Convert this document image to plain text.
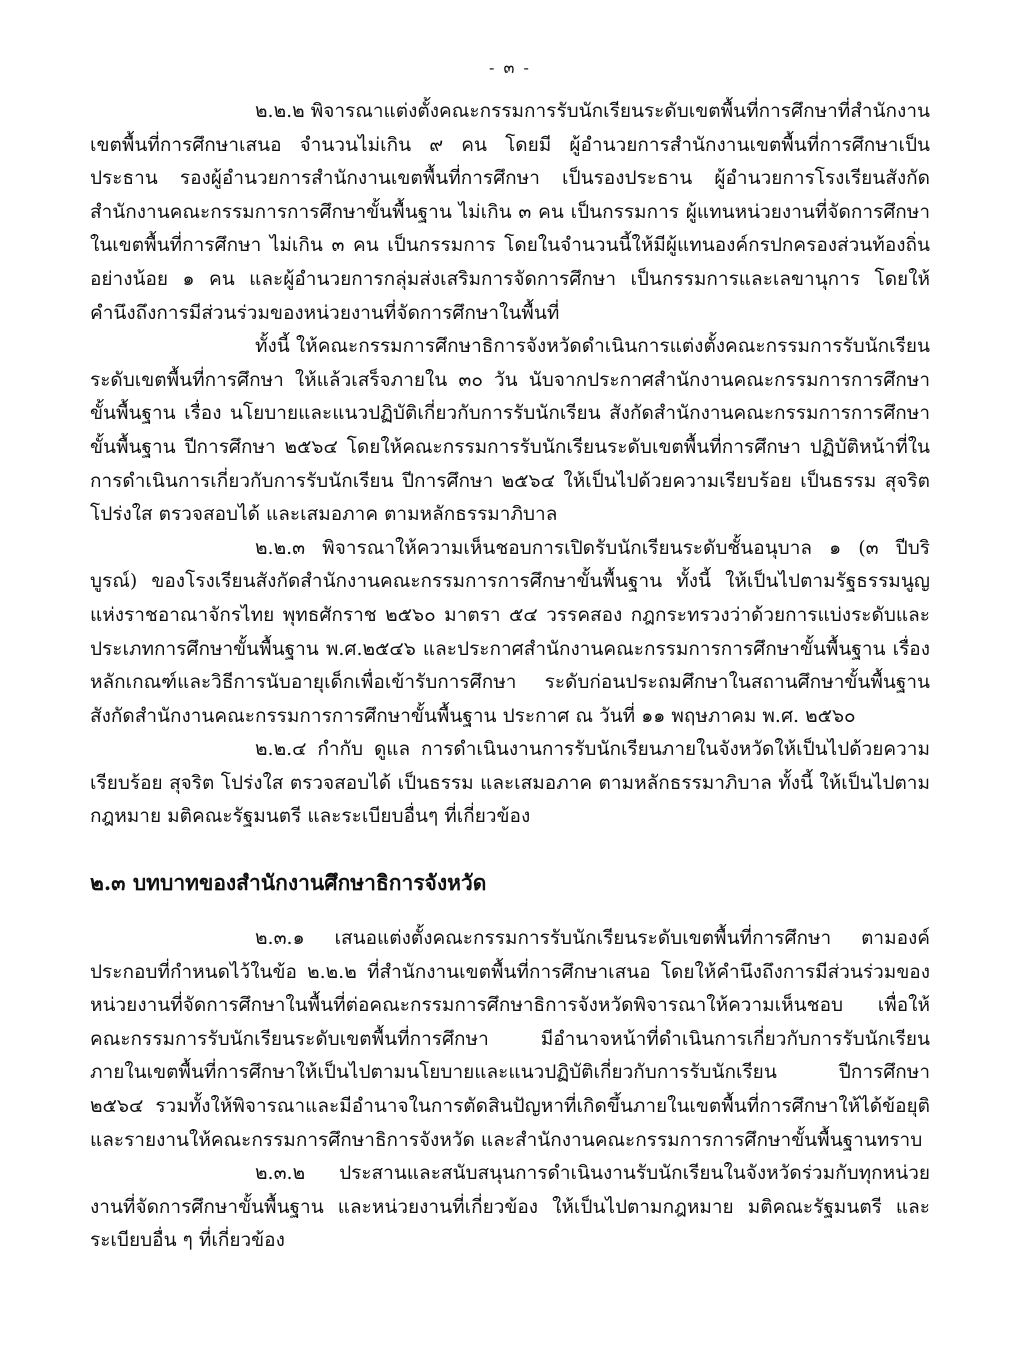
- ๓ -

๒.๒.๒ พิจารณาแต่งตั้งคณะกรรมการรับนักเรียนระดับเขตพื้นที่การศึกษาที่สำนักงานเขตพื้นที่การศึกษาเสนอ จำนวนไม่เกิน ๙ คน โดยมี ผู้อำนวยการสำนักงานเขตพื้นที่การศึกษาเป็นประธาน รองผู้อำนวยการสำนักงานเขตพื้นที่การศึกษา เป็นรองประธาน ผู้อำนวยการโรงเรียนสังกัดสำนักงานคณะกรรมการการศึกษาขั้นพื้นฐาน ไม่เกิน ๓ คน เป็นกรรมการ ผู้แทนหน่วยงานที่จัดการศึกษาในเขตพื้นที่การศึกษา ไม่เกิน ๓ คน เป็นกรรมการ โดยในจำนวนนี้ให้มีผู้แทนองค์กรปกครองส่วนท้องถิ่น อย่างน้อย ๑ คน และผู้อำนวยการกลุ่มส่งเสริมการจัดการศึกษา เป็นกรรมการและเลขานุการ โดยให้คำนึงถึงการมีส่วนร่วมของหน่วยงานที่จัดการศึกษาในพื้นที่

ทั้งนี้ ให้คณะกรรมการศึกษาธิการจังหวัดดำเนินการแต่งตั้งคณะกรรมการรับนักเรียนระดับเขตพื้นที่การศึกษา ให้แล้วเสร็จภายใน ๓๐ วัน นับจากประกาศสำนักงานคณะกรรมการการศึกษาขั้นพื้นฐาน เรื่อง นโยบายและแนวปฏิบัติเกี่ยวกับการรับนักเรียน สังกัดสำนักงานคณะกรรมการการศึกษาขั้นพื้นฐาน ปีการศึกษา ๒๕๖๔ โดยให้คณะกรรมการรับนักเรียนระดับเขตพื้นที่การศึกษา ปฏิบัติหน้าที่ในการดำเนินการเกี่ยวกับการรับนักเรียน ปีการศึกษา ๒๕๖๔ ให้เป็นไปด้วยความเรียบร้อย เป็นธรรม สุจริต โปร่งใส ตรวจสอบได้ และเสมอภาค ตามหลักธรรมาภิบาล

๒.๒.๓ พิจารณาให้ความเห็นชอบการเปิดรับนักเรียนระดับชั้นอนุบาล ๑ (๓ ปีบริบูรณ์) ของโรงเรียนสังกัดสำนักงานคณะกรรมการการศึกษาขั้นพื้นฐาน ทั้งนี้ ให้เป็นไปตามรัฐธรรมนูญแห่งราชอาณาจักรไทย พุทธศักราช ๒๕๖๐ มาตรา ๕๔ วรรคสอง กฎกระทรวงว่าด้วยการแบ่งระดับและประเภทการศึกษาขั้นพื้นฐาน พ.ศ.๒๕๔๖ และประกาศสำนักงานคณะกรรมการการศึกษาขั้นพื้นฐาน เรื่อง หลักเกณฑ์และวิธีการนับอายุเด็กเพื่อเข้ารับการศึกษา ระดับก่อนประถมศึกษาในสถานศึกษาขั้นพื้นฐาน สังกัดสำนักงานคณะกรรมการการศึกษาขั้นพื้นฐาน ประกาศ ณ วันที่ ๑๑ พฤษภาคม พ.ศ. ๒๕๖๐

๒.๒.๔ กำกับ ดูแล การดำเนินงานการรับนักเรียนภายในจังหวัดให้เป็นไปด้วยความเรียบร้อย สุจริต โปร่งใส ตรวจสอบได้ เป็นธรรม และเสมอภาค ตามหลักธรรมาภิบาล ทั้งนี้ ให้เป็นไปตามกฎหมาย มติคณะรัฐมนตรี และระเบียบอื่นๆ ที่เกี่ยวข้อง

๒.๓ บทบาทของสำนักงานศึกษาธิการจังหวัด

๒.๓.๑ เสนอแต่งตั้งคณะกรรมการรับนักเรียนระดับเขตพื้นที่การศึกษา ตามองค์ประกอบที่กำหนดไว้ในข้อ ๒.๒.๒ ที่สำนักงานเขตพื้นที่การศึกษาเสนอ โดยให้คำนึงถึงการมีส่วนร่วมของหน่วยงานที่จัดการศึกษาในพื้นที่ต่อคณะกรรมการศึกษาธิการจังหวัดพิจารณาให้ความเห็นชอบ เพื่อให้คณะกรรมการรับนักเรียนระดับเขตพื้นที่การศึกษา มีอำนาจหน้าที่ดำเนินการเกี่ยวกับการรับนักเรียนภายในเขตพื้นที่การศึกษาให้เป็นไปตามนโยบายและแนวปฏิบัติเกี่ยวกับการรับนักเรียน ปีการศึกษา ๒๕๖๔ รวมทั้งให้พิจารณาและมีอำนาจในการตัดสินปัญหาที่เกิดขึ้นภายในเขตพื้นที่การศึกษาให้ได้ข้อยุติ และรายงานให้คณะกรรมการศึกษาธิการจังหวัด และสำนักงานคณะกรรมการการศึกษาขั้นพื้นฐานทราบ

๒.๓.๒ ประสานและสนับสนุนการดำเนินงานรับนักเรียนในจังหวัดร่วมกับทุกหน่วยงานที่จัดการศึกษาขั้นพื้นฐาน และหน่วยงานที่เกี่ยวข้อง ให้เป็นไปตามกฎหมาย มติคณะรัฐมนตรี และระเบียบอื่น ๆ ที่เกี่ยวข้อง
